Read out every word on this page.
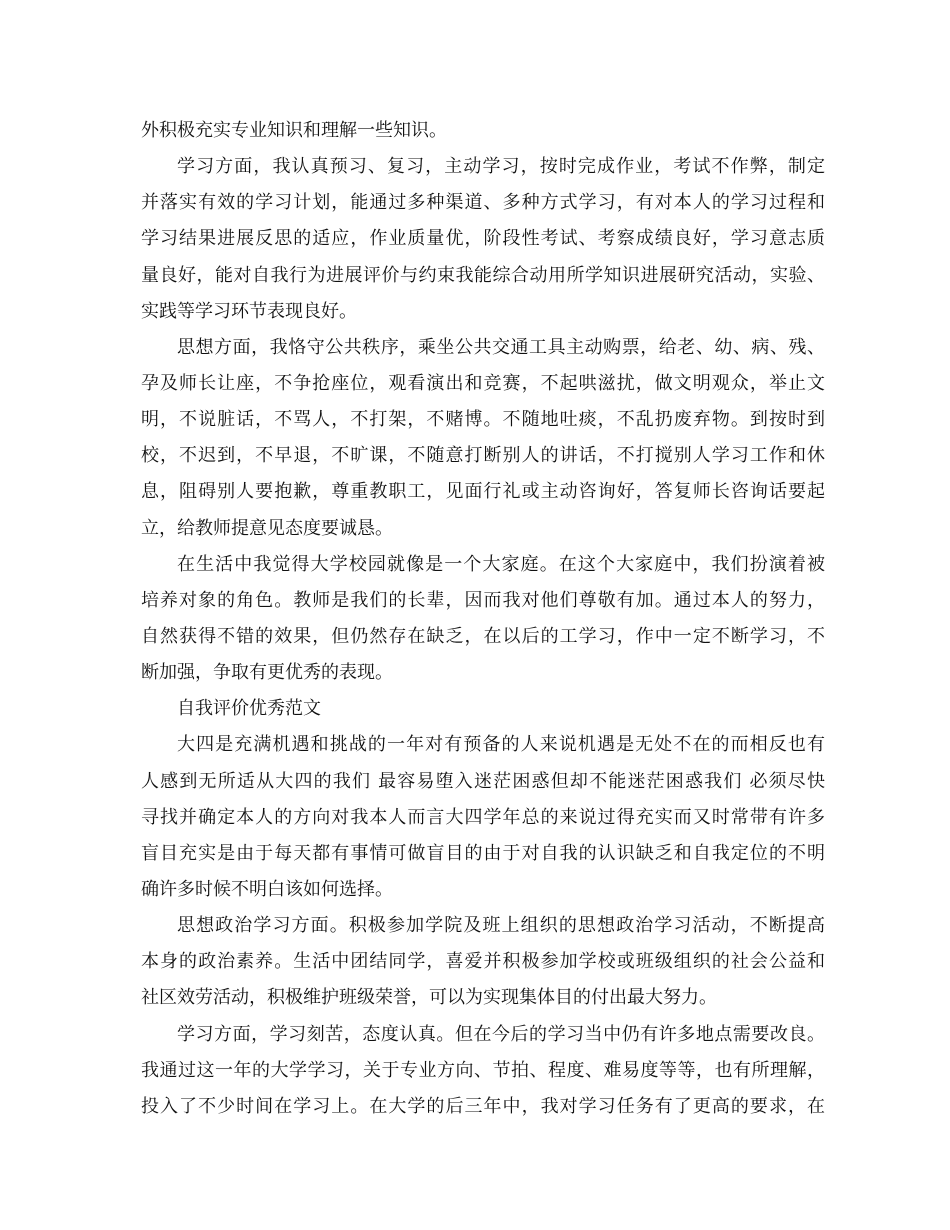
外积极充实专业知识和理解一些知识。
学习方面，我认真预习、复习，主动学习，按时完成作业，考试不作弊，制定
并落实有效的学习计划，能通过多种渠道、多种方式学习，有对本人的学习过程和
学习结果进展反思的适应，作业质量优，阶段性考试、考察成绩良好，学习意志质
量良好，能对自我行为进展评价与约束我能综合动用所学知识进展研究活动，实验、
实践等学习环节表现良好。
思想方面，我恪守公共秩序，乘坐公共交通工具主动购票，给老、幼、病、残、
孕及师长让座，不争抢座位，观看演出和竞赛，不起哄滋扰，做文明观众，举止文
明，不说脏话，不骂人，不打架，不赌博。不随地吐痰，不乱扔废弃物。到按时到
校，不迟到，不早退，不旷课，不随意打断别人的讲话，不打搅别人学习工作和休
息，阻碍别人要抱歉，尊重教职工，见面行礼或主动咨询好，答复师长咨询话要起
立，给教师提意见态度要诚恳。
在生活中我觉得大学校园就像是一个大家庭。在这个大家庭中，我们扮演着被
培养对象的角色。教师是我们的长辈，因而我对他们尊敬有加。通过本人的努力，
自然获得不错的效果，但仍然存在缺乏，在以后的工学习，作中一定不断学习，不
断加强，争取有更优秀的表现。
自我评价优秀范文
大四是充满机遇和挑战的一年对有预备的人来说机遇是无处不在的而相反也有
人感到无所适从大四的我们 最容易堕入迷茫困惑但却不能迷茫困惑我们 必须尽快
寻找并确定本人的方向对我本人而言大四学年总的来说过得充实而又时常带有许多
盲目充实是由于每天都有事情可做盲目的由于对自我的认识缺乏和自我定位的不明
确许多时候不明白该如何选择。
思想政治学习方面。积极参加学院及班上组织的思想政治学习活动，不断提高
本身的政治素养。生活中团结同学，喜爱并积极参加学校或班级组织的社会公益和
社区效劳活动，积极维护班级荣誉，可以为实现集体目的付出最大努力。
学习方面，学习刻苦，态度认真。但在今后的学习当中仍有许多地点需要改良。
我通过这一年的大学学习，关于专业方向、节拍、程度、难易度等等，也有所理解，
投入了不少时间在学习上。在大学的后三年中，我对学习任务有了更高的要求，在
